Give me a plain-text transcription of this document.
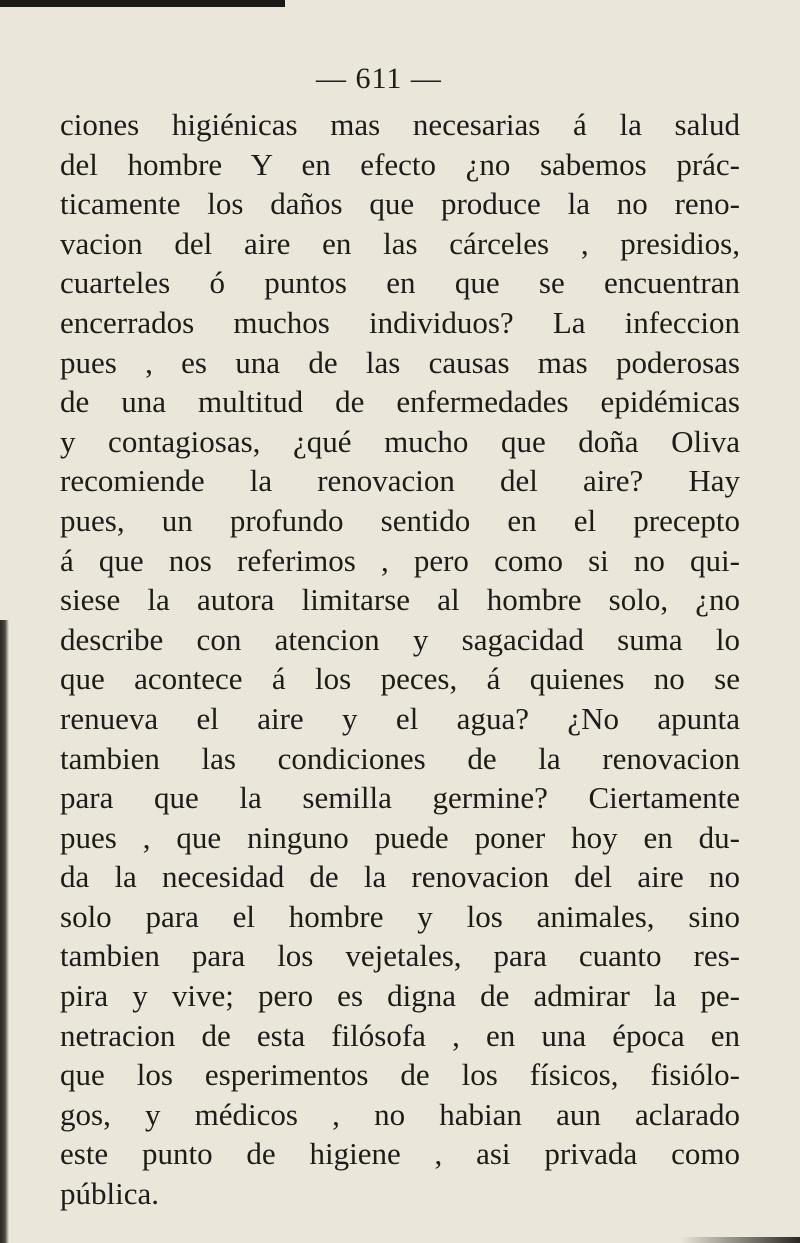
— 611 —
ciones higiénicas mas necesarias á la salud
del hombre Y en efecto ¿no sabemos prác-
ticamente los daños que produce la no reno-
vacion del aire en las cárceles , presidios,
cuarteles ó puntos en que se encuentran
encerrados muchos individuos? La infeccion
pues , es una de las causas mas poderosas
de una multitud de enfermedades epidémicas
y contagiosas, ¿qué mucho que doña Oliva
recomiende la renovacion del aire? Hay
pues, un profundo sentido en el precepto
á que nos referimos , pero como si no qui-
siese la autora limitarse al hombre solo, ¿no
describe con atencion y sagacidad suma lo
que acontece á los peces, á quienes no se
renueva el aire y el agua? ¿No apunta
tambien las condiciones de la renovacion
para que la semilla germine? Ciertamente
pues , que ninguno puede poner hoy en du-
da la necesidad de la renovacion del aire no
solo para el hombre y los animales, sino
tambien para los vejetales, para cuanto res-
pira y vive; pero es digna de admirar la pe-
netracion de esta filósofa , en una época en
que los esperimentos de los físicos, fisiólo-
gos, y médicos , no habian aun aclarado
este punto de higiene , asi privada como
pública.
